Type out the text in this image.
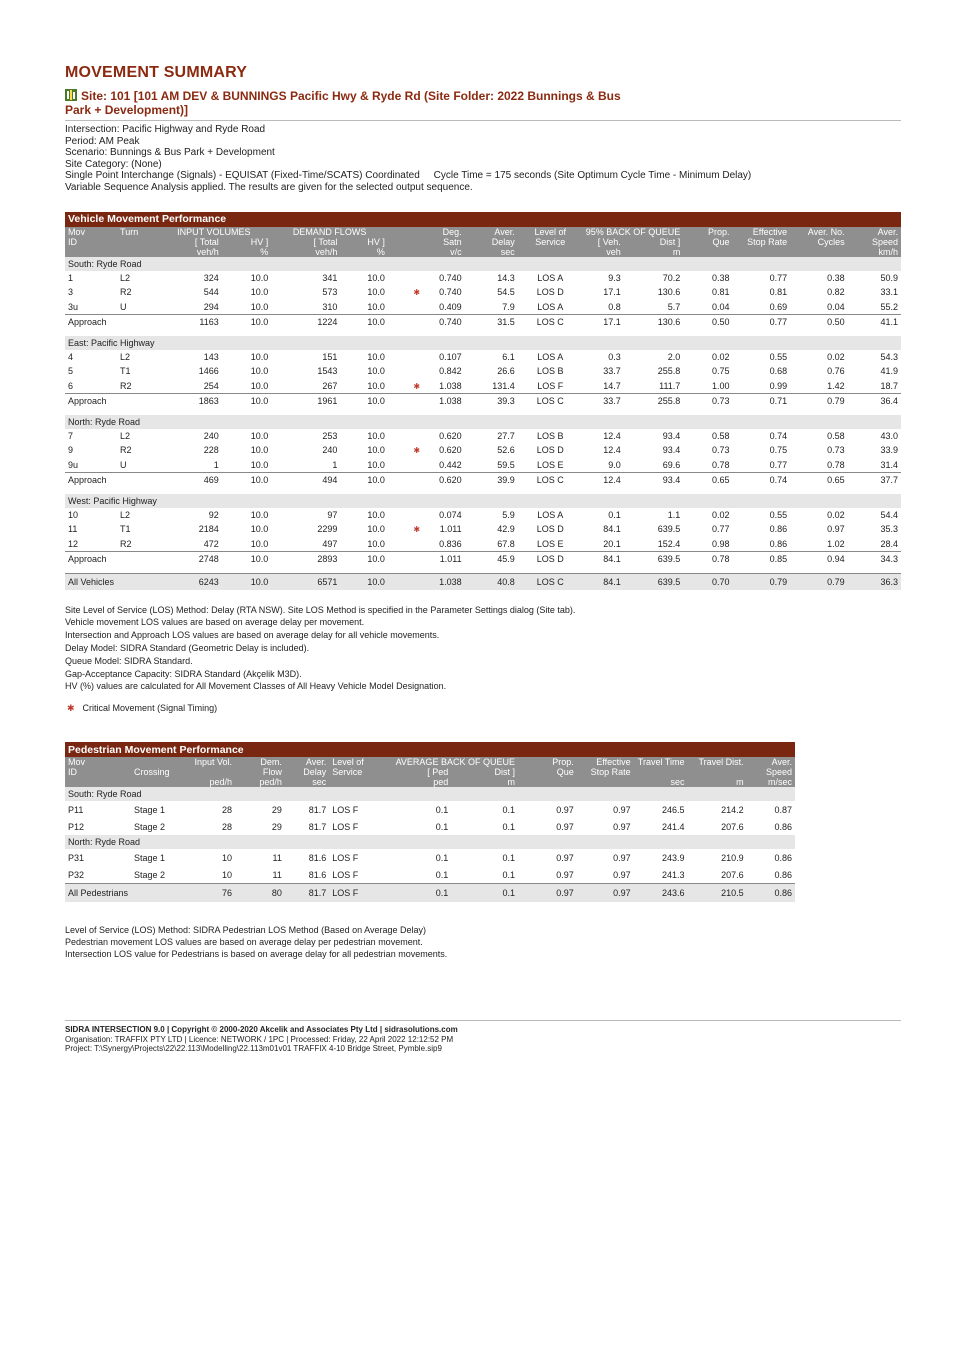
MOVEMENT SUMMARY
Site: 101 [101 AM DEV & BUNNINGS Pacific Hwy & Ryde Rd (Site Folder: 2022 Bunnings & Bus Park + Development)]
Intersection: Pacific Highway and Ryde Road
Period: AM Peak
Scenario: Bunnings & Bus Park + Development
Site Category: (None)
Single Point Interchange (Signals) - EQUISAT (Fixed-Time/SCATS) Coordinated     Cycle Time = 175 seconds (Site Optimum Cycle Time - Minimum Delay)
Variable Sequence Analysis applied. The results are given for the selected output sequence.
Vehicle Movement Performance															
Mov	Turn	INPUT VOLUMES		DEMAND FLOWS			Deg.	Aver.	Level of	95% BACK OF QUEUE		Prop.	Effective	Aver. No.	Aver.
ID		[ Total	HV ]	[ Total	HV ]		Satn	Delay	Service	[ Veh.	Dist ]	Que	Stop Rate	Cycles	Speed
		veh/h	%	veh/h	%		v/c	sec		veh	m				km/h
South: Ryde Road															
1	L2	324	10.0	341	10.0		0.740	14.3	LOS A	9.3	70.2	0.38	0.77	0.38	50.9
3	R2	544	10.0	573	10.0	✱	0.740	54.5	LOS D	17.1	130.6	0.81	0.81	0.82	33.1
3u	U	294	10.0	310	10.0		0.409	7.9	LOS A	0.8	5.7	0.04	0.69	0.04	55.2
Approach		1163	10.0	1224	10.0		0.740	31.5	LOS C	17.1	130.6	0.50	0.77	0.50	41.1

East: Pacific Highway															
4	L2	143	10.0	151	10.0		0.107	6.1	LOS A	0.3	2.0	0.02	0.55	0.02	54.3
5	T1	1466	10.0	1543	10.0		0.842	26.6	LOS B	33.7	255.8	0.75	0.68	0.76	41.9
6	R2	254	10.0	267	10.0	✱	1.038	131.4	LOS F	14.7	111.7	1.00	0.99	1.42	18.7
Approach		1863	10.0	1961	10.0		1.038	39.3	LOS C	33.7	255.8	0.73	0.71	0.79	36.4

North: Ryde Road															
7	L2	240	10.0	253	10.0		0.620	27.7	LOS B	12.4	93.4	0.58	0.74	0.58	43.0
9	R2	228	10.0	240	10.0	✱	0.620	52.6	LOS D	12.4	93.4	0.73	0.75	0.73	33.9
9u	U	1	10.0	1	10.0		0.442	59.5	LOS E	9.0	69.6	0.78	0.77	0.78	31.4
Approach		469	10.0	494	10.0		0.620	39.9	LOS C	12.4	93.4	0.65	0.74	0.65	37.7

West: Pacific Highway															
10	L2	92	10.0	97	10.0		0.074	5.9	LOS A	0.1	1.1	0.02	0.55	0.02	54.4
11	T1	2184	10.0	2299	10.0	✱	1.011	42.9	LOS D	84.1	639.5	0.77	0.86	0.97	35.3
12	R2	472	10.0	497	10.0		0.836	67.8	LOS E	20.1	152.4	0.98	0.86	1.02	28.4
Approach		2748	10.0	2893	10.0		1.011	45.9	LOS D	84.1	639.5	0.78	0.85	0.94	34.3

All Vehicles		6243	10.0	6571	10.0		1.038	40.8	LOS C	84.1	639.5	0.70	0.79	0.79	36.3
Site Level of Service (LOS) Method: Delay (RTA NSW). Site LOS Method is specified in the Parameter Settings dialog (Site tab).
Vehicle movement LOS values are based on average delay per movement.
Intersection and Approach LOS values are based on average delay for all vehicle movements.
Delay Model: SIDRA Standard (Geometric Delay is included).
Queue Model: SIDRA Standard.
Gap-Acceptance Capacity: SIDRA Standard (Akçelik M3D).
HV (%) values are calculated for All Movement Classes of All Heavy Vehicle Model Designation.
✱ Critical Movement (Signal Timing)
Pedestrian Movement Performance												
Mov		Input Vol.	Dem.	Aver.	Level of	AVERAGE BACK OF QUEUE		Prop.	Effective	Travel Time	Travel Dist.	Aver.
ID	Crossing		Flow	Delay	Service	[ Ped	Dist ]	Que	Stop Rate			Speed
		ped/h	ped/h	sec		ped	m			sec	m	m/sec
South: Ryde Road												
P11	Stage 1	28	29	81.7	LOS F	0.1	0.1	0.97	0.97	246.5	214.2	0.87
P12	Stage 2	28	29	81.7	LOS F	0.1	0.1	0.97	0.97	241.4	207.6	0.86
North: Ryde Road												
P31	Stage 1	10	11	81.6	LOS F	0.1	0.1	0.97	0.97	243.9	210.9	0.86
P32	Stage 2	10	11	81.6	LOS F	0.1	0.1	0.97	0.97	241.3	207.6	0.86
All Pedestrians		76	80	81.7	LOS F	0.1	0.1	0.97	0.97	243.6	210.5	0.86
Level of Service (LOS) Method: SIDRA Pedestrian LOS Method (Based on Average Delay)
Pedestrian movement LOS values are based on average delay per pedestrian movement.
Intersection LOS value for Pedestrians is based on average delay for all pedestrian movements.
SIDRA INTERSECTION 9.0 | Copyright © 2000-2020 Akcelik and Associates Pty Ltd | sidrasolutions.com
Organisation: TRAFFIX PTY LTD | Licence: NETWORK / 1PC | Processed: Friday, 22 April 2022 12:12:52 PM
Project: T:\Synergy\Projects\22\22.113\Modelling\22.113m01v01 TRAFFIX 4-10 Bridge Street, Pymble.sip9
